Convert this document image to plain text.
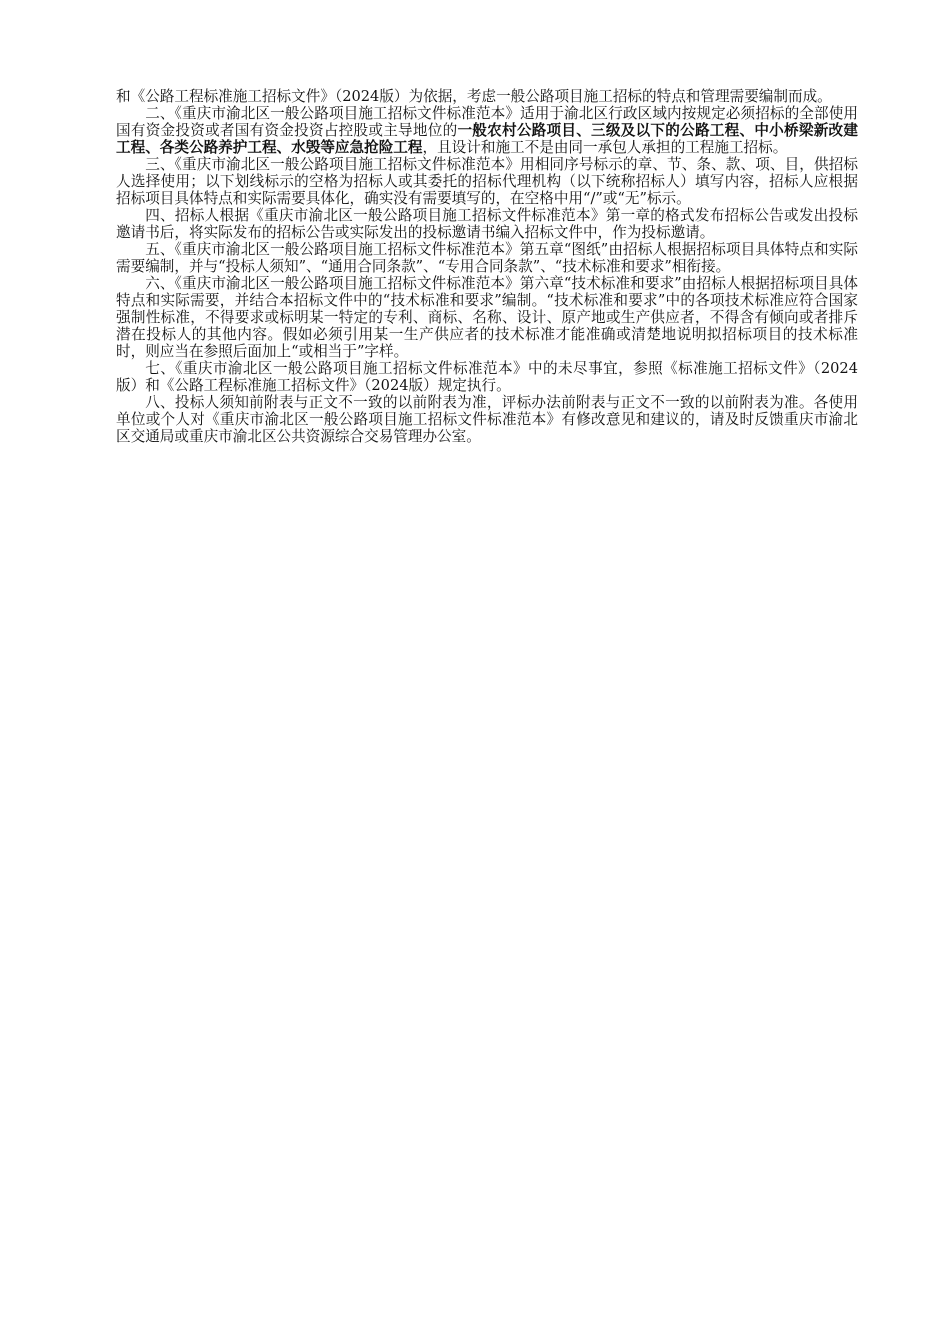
和《公路工程标准施工招标文件》（2024版）为依据，考虑一般公路项目施工招标的特点和管理需要编制而成。

二、《重庆市渝北区一般公路项目施工招标文件标准范本》适用于渝北区行政区域内按规定必须招标的全部使用国有资金投资或者国有资金投资占控股或主导地位的一般农村公路项目、三级及以下的公路工程、中小桥梁新改建工程、各类公路养护工程、水毁等应急抢险工程，且设计和施工不是由同一承包人承担的工程施工招标。

三、《重庆市渝北区一般公路项目施工招标文件标准范本》用相同序号标示的章、节、条、款、项、目，供招标人选择使用；以下划线标示的空格为招标人或其委托的招标代理机构（以下统称招标人）填写内容，招标人应根据招标项目具体特点和实际需要具体化，确实没有需要填写的，在空格中用“/”或“无”标示。

四、招标人根据《重庆市渝北区一般公路项目施工招标文件标准范本》第一章的格式发布招标公告或发出投标邀请书后，将实际发布的招标公告或实际发出的投标邀请书编入招标文件中，作为投标邀请。

五、《重庆市渝北区一般公路项目施工招标文件标准范本》第五章“图纸”由招标人根据招标项目具体特点和实际需要编制，并与“投标人须知”、“通用合同条款”、“专用合同条款”、“技术标准和要求”相衔接。

六、《重庆市渝北区一般公路项目施工招标文件标准范本》第六章“技术标准和要求”由招标人根据招标项目具体特点和实际需要，并结合本招标文件中的“技术标准和要求”编制。“技术标准和要求”中的各项技术标准应符合国家强制性标准，不得要求或标明某一特定的专利、商标、名称、设计、原产地或生产供应者，不得含有倾向或者排斥潜在投标人的其他内容。假如必须引用某一生产供应者的技术标准才能准确或清楚地说明拟招标项目的技术标准时，则应当在参照后面加上“或相当于”字样。

七、《重庆市渝北区一般公路项目施工招标文件标准范本》中的未尽事宜，参照《标准施工招标文件》（2024版）和《公路工程标准施工招标文件》（2024版）规定执行。

八、投标人须知前附表与正文不一致的以前附表为准，评标办法前附表与正文不一致的以前附表为准。各使用单位或个人对《重庆市渝北区一般公路项目施工招标文件标准范本》有修改意见和建议的，请及时反馈重庆市渝北区交通局或重庆市渝北区公共资源综合交易管理办公室。
